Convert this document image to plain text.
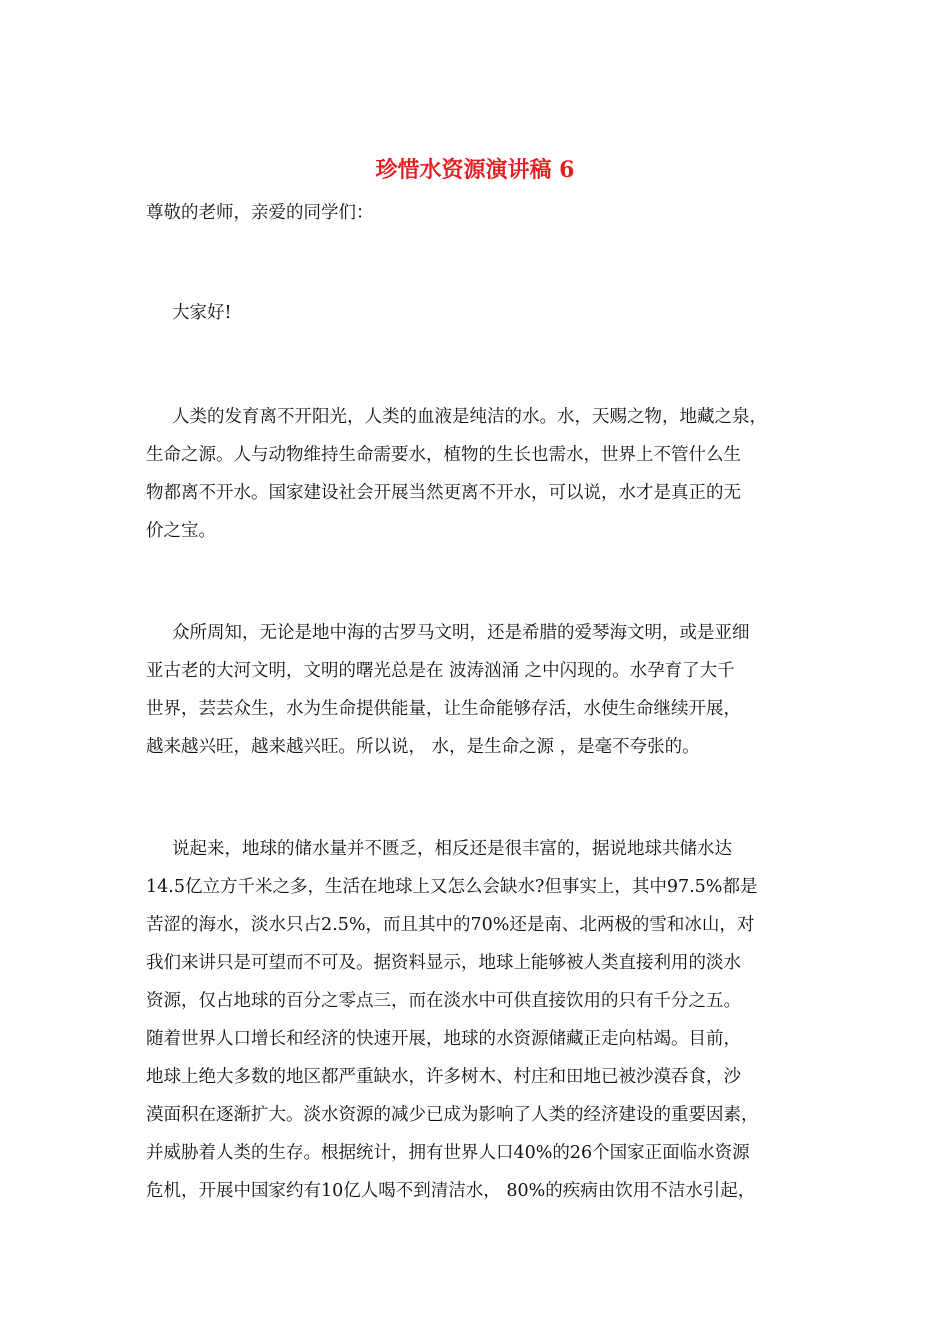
珍惜水资源演讲稿 6
尊敬的老师，亲爱的同学们：
大家好!
人类的发育离不开阳光，人类的血液是纯洁的水。水，天赐之物，地藏之泉，
生命之源。人与动物维持生命需要水，植物的生长也需水，世界上不管什么生
物都离不开水。国家建设社会开展当然更离不开水，可以说，水才是真正的无
价之宝。
众所周知，无论是地中海的古罗马文明，还是希腊的爱琴海文明，或是亚细
亚古老的大河文明，文明的曙光总是在 波涛汹涌 之中闪现的。水孕育了大千
世界，芸芸众生，水为生命提供能量，让生命能够存活，水使生命继续开展，
越来越兴旺，越来越兴旺。所以说， 水，是生命之源 ，是毫不夸张的。
说起来，地球的储水量并不匮乏，相反还是很丰富的，据说地球共储水达
14.5亿立方千米之多，生活在地球上又怎么会缺水?但事实上，其中97.5%都是
苦涩的海水，淡水只占2.5%，而且其中的70%还是南、北两极的雪和冰山，对
我们来讲只是可望而不可及。据资料显示，地球上能够被人类直接利用的淡水
资源，仅占地球的百分之零点三，而在淡水中可供直接饮用的只有千分之五。
随着世界人口增长和经济的快速开展，地球的水资源储藏正走向枯竭。目前，
地球上绝大多数的地区都严重缺水，许多树木、村庄和田地已被沙漠吞食，沙
漠面积在逐渐扩大。淡水资源的减少已成为影响了人类的经济建设的重要因素，
并威胁着人类的生存。根据统计，拥有世界人口40%的26个国家正面临水资源
危机，开展中国家约有10亿人喝不到清洁水， 80%的疾病由饮用不洁水引起，
